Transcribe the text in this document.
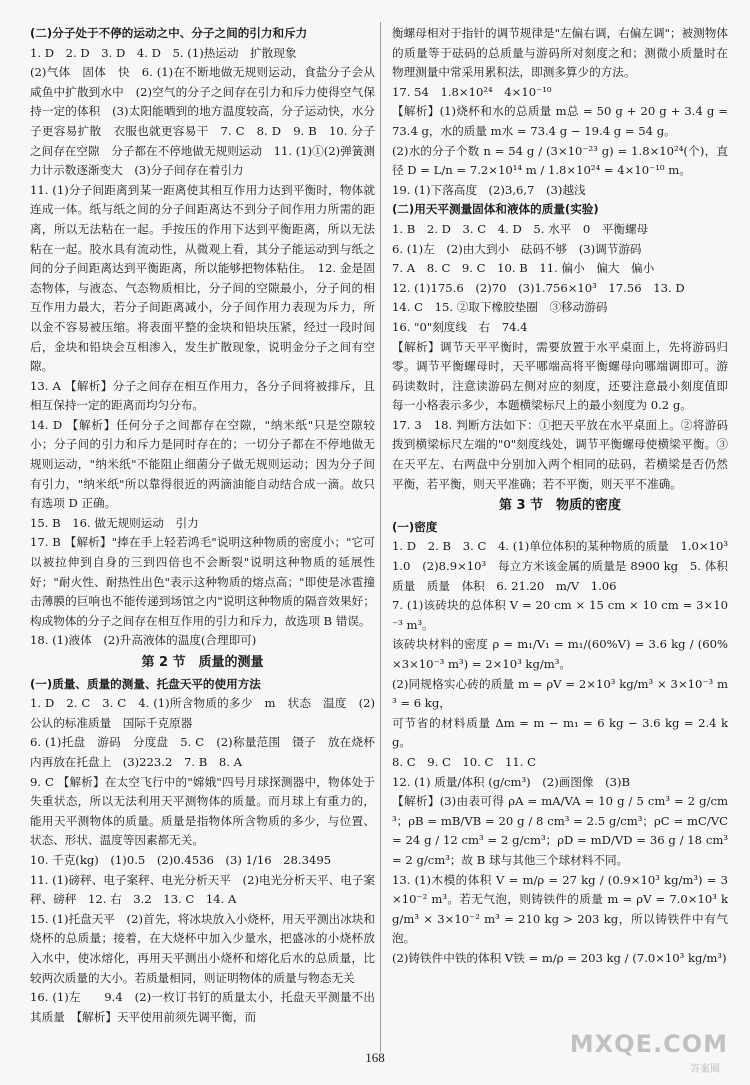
(二)分子处于不停的运动之中、分子之间的引力和斥力

1. D　2. D　3. D　4. D　5. (1)热运动　扩散现象

(2)气体　固体　快　6. (1)在不断地做无规则运动，食盐分子会从咸鱼中扩散到水中　(2)空气的分子之间存在引力和斥力使得空气保持一定的体积　(3)太阳能晒到的地方温度较高，分子运动快，水分子更容易扩散　衣服也就更容易干　7. C　8. D　9. B　10. 分子之间存在空隙　分子都在不停地做无规则运动　11. (1)①(2)弹簧测力计示数逐渐变大　(3)分子间存在着引力

11. (1)分子间距离到某一距离使其相互作用力达到平衡时，物体就连成一体。纸与纸之间的分子间距离达不到分子间作用力所需的距离，所以无法粘在一起。手按压的作用下达到平衡距离，所以无法粘在一起。胶水具有流动性，从微观上看，其分子能运动到与纸之间的分子间距离达到平衡距离，所以能够把物体粘住。　12. 金是固态物体，与液态、气态物质相比，分子间的空隙最小，分子间的相互作用力最大，若分子间距离减小，分子间作用力表现为斥力，所以金不容易被压缩。将表面平整的金块和铅块压紧，经过一段时间后，金块和铅块会互相渗入，发生扩散现象，说明金分子之间有空隙。

13. A 【解析】分子之间存在相互作用力，各分子间将被排斥，且相互保持一定的距离而均匀分布。

14. D 【解析】任何分子之间都存在空隙，"纳米纸"只是空隙较小；分子间的引力和斥力是同时存在的；一切分子都在不停地做无规则运动，"纳米纸"不能阻止细菌分子做无规则运动；因为分子间有引力，"纳米纸"所以靠得很近的两滴油能自动结合成一滴。故只有选项 D 正确。

15. B　16. 做无规则运动　引力

17. B 【解析】"捧在手上轻若鸿毛"说明这种物质的密度小；"它可以被拉伸到自身的三到四倍也不会断裂"说明这种物质的延展性好；"耐火性、耐热性出色"表示这种物质的熔点高；"即使是冰雹撞击薄膜的巨响也不能传递到场馆之内"说明这种物质的隔音效果好；构成物体的分子之间存在相互作用的引力和斥力，故选项 B 错误。

18. (1)液体　(2)升高液体的温度(合理即可)

第 2 节　质量的测量

(一)质量、质量的测量、托盘天平的使用方法

1. D　2. C　3. C　4. (1)所含物质的多少　m　状态　温度　(2)公认的标准质量　国际千克原器

6. (1)托盘　游码　分度盘　5. C　(2)称量范围　镊子　放在烧杯内再放在托盘上　(3)223.2　7. B　8. A

9. C 【解析】在太空飞行中的"嫦娥"四号月球探测器中，物体处于失重状态，所以无法利用天平测物体的质量。而月球上有重力的，能用天平测物体的质量。质量是指物体所含物质的多少，与位置、状态、形状、温度等因素都无关。

10. 千克(kg)　(1)0.5　(2)0.4536　(3) 1/16　28.3495

11. (1)磅秤、电子案秤、电光分析天平　(2)电光分析天平、电子案秤、磅秤　12. 右　3.2　13. C　14. A

15. (1)托盘天平　(2)首先，将冰块放入小烧杯，用天平测出冰块和烧杯的总质量；接着，在大烧杯中加入少量水，把盛冰的小烧杯放入水中，使冰熔化，再用天平测出小烧杯和熔化后水的总质量，比较两次质量的大小。若质量相同，则证明物体的质量与物态无关

16. (1)左　　9.4　(2)一枚订书钉的质量太小，托盘天平测量不出其质量　【解析】天平使用前须先调平衡，而

衡螺母相对于指针的调节规律是"左偏右调，右偏左调"；被测物体的质量等于砝码的总质量与游码所对刻度之和；测微小质量时在物理测量中常采用累积法，即测多算少的方法。

17. 54　1.8×10²⁴　4×10⁻¹⁰

【解析】(1)烧杯和水的总质量 m总 = 50 g + 20 g + 3.4 g = 73.4 g，水的质量 m水 = 73.4 g − 19.4 g = 54 g。

(2)水的分子个数 n = 54 g / (3×10⁻²³ g) = 1.8×10²⁴(个)，直径 D = L/n = 7.2×10¹⁴ m / 1.8×10²⁴ = 4×10⁻¹⁰ m。

19. (1)下落高度　(2)3,6,7　(3)越浅

(二)用天平测量固体和液体的质量(实验)

1. B　2. D　3. C　4. D　5. 水平　0　平衡螺母

6. (1)左　(2)由大到小　砝码不够　(3)调节游码

7. A　8. C　9. C　10. B　11. 偏小　偏大　偏小

12. (1)175.6　(2)70　(3)1.756×10³　17.56　13. D

14. C　15. ②取下橡胶垫圈　③移动游码

16. "0"刻度线　右　74.4

【解析】调节天平平衡时，需要放置于水平桌面上，先将游码归零。调节平衡螺母时，天平哪端高将平衡螺母向哪端调即可。游码读数时，注意读游码左侧对应的刻度，还要注意最小刻度值即每一小格表示多少，本题横梁标尺上的最小刻度为 0.2 g。

17. 3　18. 判断方法如下：①把天平放在水平桌面上。②将游码拨到横梁标尺左端的"0"刻度线处，调节平衡螺母使横梁平衡。③在天平左、右两盘中分别加入两个相同的砝码，若横梁是否仍然平衡，若平衡，则天平准确；若不平衡，则天平不准确。

第 3 节　物质的密度

(一)密度

1. D　2. B　3. C　4. (1)单位体积的某种物质的质量　1.0×10³　1.0　(2)8.9×10³　每立方米该金属的质量是 8900 kg　5. 体积　质量　质量　体积　6. 21.20　m/V　1.06

7. (1)该砖块的总体积 V = 20 cm × 15 cm × 10 cm = 3×10⁻³ m³。

该砖块材料的密度 ρ = m₁/V₁ = m₁/(60%V) = 3.6 kg / (60%×3×10⁻³ m³) = 2×10³ kg/m³。

(2)同规格实心砖的质量 m = ρV = 2×10³ kg/m³ × 3×10⁻³ m³ = 6 kg，

可节省的材料质量 Δm = m − m₁ = 6 kg − 3.6 kg = 2.4 kg。

8. C　9. C　10. C　11. C

12. (1) 质量/体积 (g/cm³)　(2)画图像　(3)B

【解析】(3)由表可得 ρA = mA/VA = 10 g / 5 cm³ = 2 g/cm³；ρB = mB/VB = 20 g / 8 cm³ = 2.5 g/cm³；ρC = mC/VC = 24 g / 12 cm³ = 2 g/cm³；ρD = mD/VD = 36 g / 18 cm³ = 2 g/cm³；故 B 球与其他三个球材料不同。

13. (1)木模的体积 V = m/ρ = 27 kg / (0.9×10³ kg/m³) = 3×10⁻² m³。若无气泡，则铸铁件的质量 m = ρV = 7.0×10³ kg/m³ × 3×10⁻² m³ = 210 kg > 203 kg，所以铸铁件中有气泡。

(2)铸铁件中铁的体积 V铁 = m/ρ = 203 kg / (7.0×10³ kg/m³)

168	MXQE.COM
答案圈
